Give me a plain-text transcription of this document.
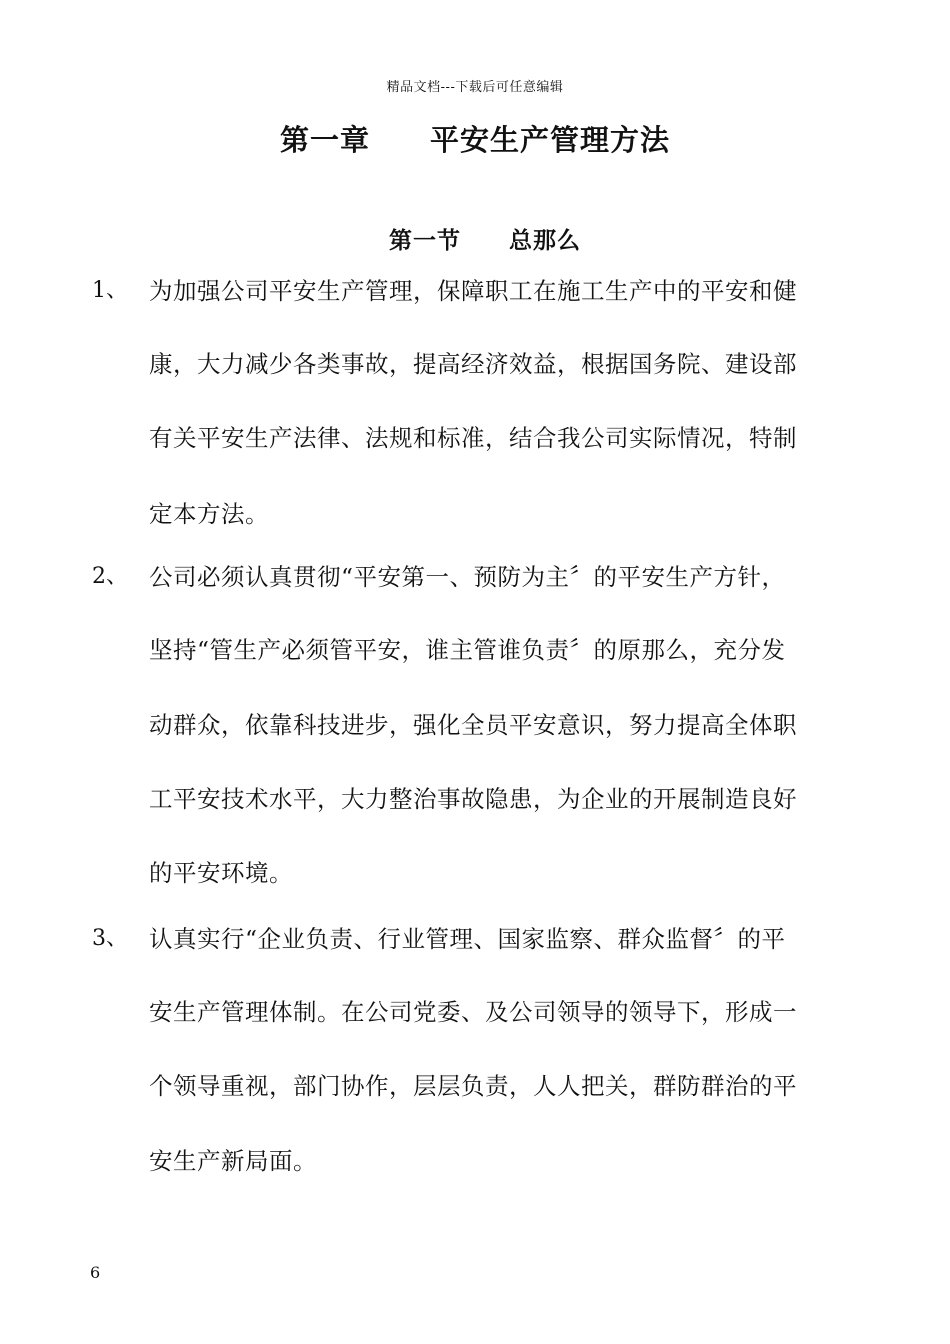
精品文档---下载后可任意编辑
第一章　　平安生产管理方法
第一节　　总那么
1、 为加强公司平安生产管理，保障职工在施工生产中的平安和健
康，大力减少各类事故，提高经济效益，根据国务院、建设部
有关平安生产法律、法规和标准，结合我公司实际情况，特制
定本方法。
2、 公司必须认真贯彻“平安第一、预防为主〞的平安生产方针，
坚持“管生产必须管平安，谁主管谁负责〞的原那么，充分发
动群众，依靠科技进步，强化全员平安意识，努力提高全体职
工平安技术水平，大力整治事故隐患，为企业的开展制造良好
的平安环境。
3、 认真实行“企业负责、行业管理、国家监察、群众监督〞的平
安生产管理体制。在公司党委、及公司领导的领导下，形成一
个领导重视，部门协作，层层负责，人人把关，群防群治的平
安生产新局面。
6
